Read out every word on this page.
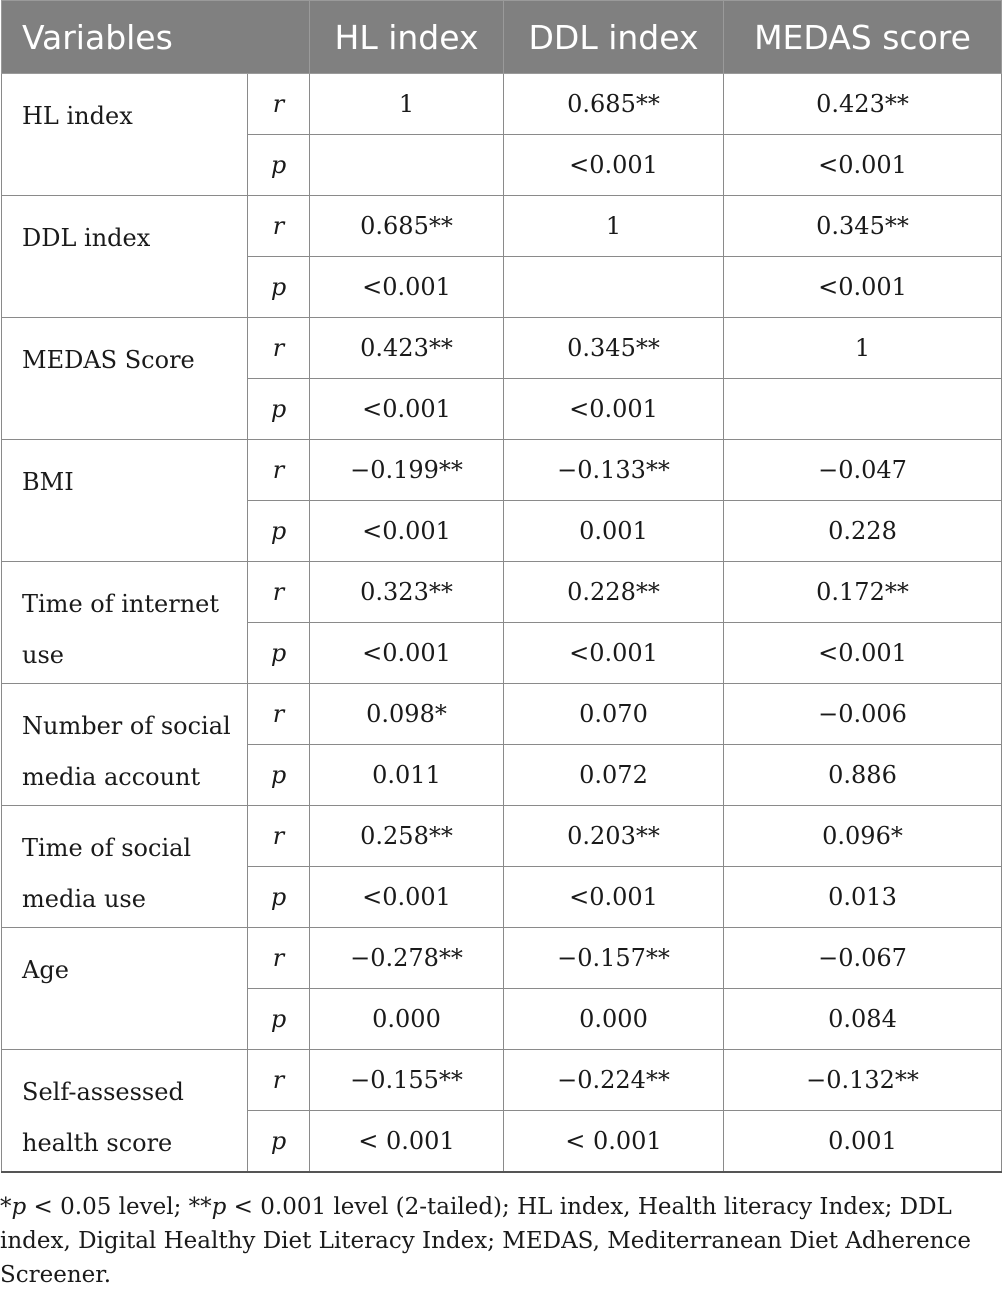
Variables		HL index	DDL index	MEDAS score
HL index	r	1	0.685**	0.423**
	p		<0.001	<0.001
DDL index	r	0.685**	1	0.345**
	p	<0.001		<0.001
MEDAS Score	r	0.423**	0.345**	1
	p	<0.001	<0.001	
BMI	r	−0.199**	−0.133**	−0.047
	p	<0.001	0.001	0.228
Time of internet use	r	0.323**	0.228**	0.172**
	p	<0.001	<0.001	<0.001
Number of social media account	r	0.098*	0.070	−0.006
	p	0.011	0.072	0.886
Time of social media use	r	0.258**	0.203**	0.096*
	p	<0.001	<0.001	0.013
Age	r	−0.278**	−0.157**	−0.067
	p	0.000	0.000	0.084
Self-assessed health score	r	−0.155**	−0.224**	−0.132**
	p	< 0.001	< 0.001	0.001
*p < 0.05 level; **p < 0.001 level (2-tailed); HL index, Health literacy Index; DDL index, Digital Healthy Diet Literacy Index; MEDAS, Mediterranean Diet Adherence Screener.
